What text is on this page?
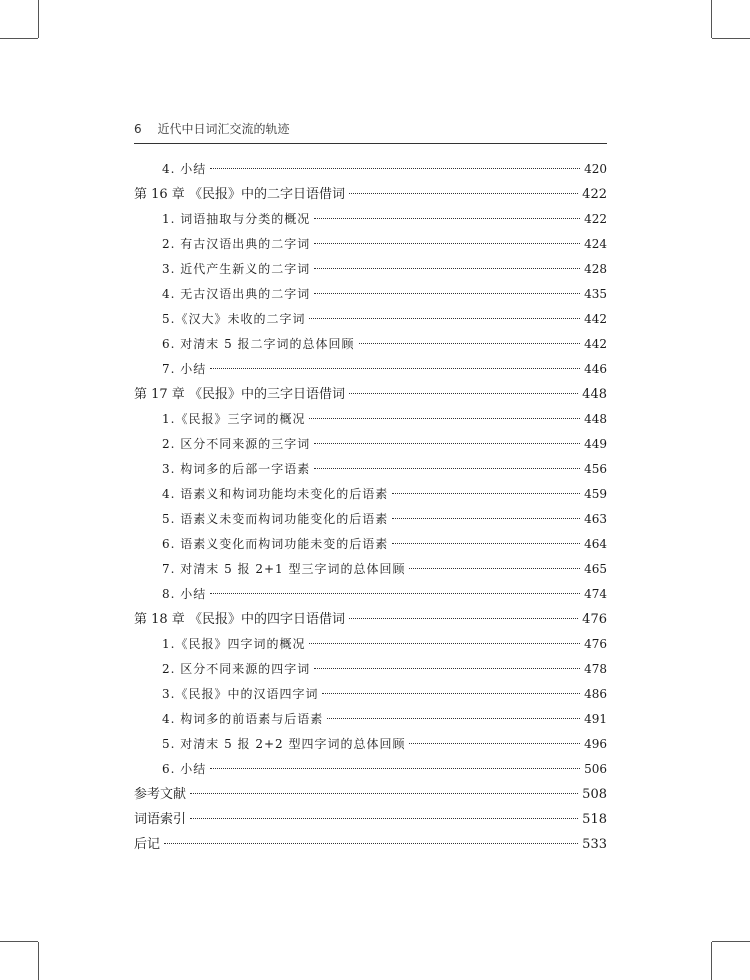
6 近代中日词汇交流的轨迹
4. 小结	420
第 16 章 《民报》中的二字日语借词	422
1. 词语抽取与分类的概况	422
2. 有古汉语出典的二字词	424
3. 近代产生新义的二字词	428
4. 无古汉语出典的二字词	435
5.《汉大》未收的二字词	442
6. 对清末 5 报二字词的总体回顾	442
7. 小结	446
第 17 章 《民报》中的三字日语借词	448
1.《民报》三字词的概况	448
2. 区分不同来源的三字词	449
3. 构词多的后部一字语素	456
4. 语素义和构词功能均未变化的后语素	459
5. 语素义未变而构词功能变化的后语素	463
6. 语素义变化而构词功能未变的后语素	464
7. 对清末 5 报 2+1 型三字词的总体回顾	465
8. 小结	474
第 18 章 《民报》中的四字日语借词	476
1.《民报》四字词的概况	476
2. 区分不同来源的四字词	478
3.《民报》中的汉语四字词	486
4. 构词多的前语素与后语素	491
5. 对清末 5 报 2+2 型四字词的总体回顾	496
6. 小结	506
参考文献	508
词语索引	518
后记	533
